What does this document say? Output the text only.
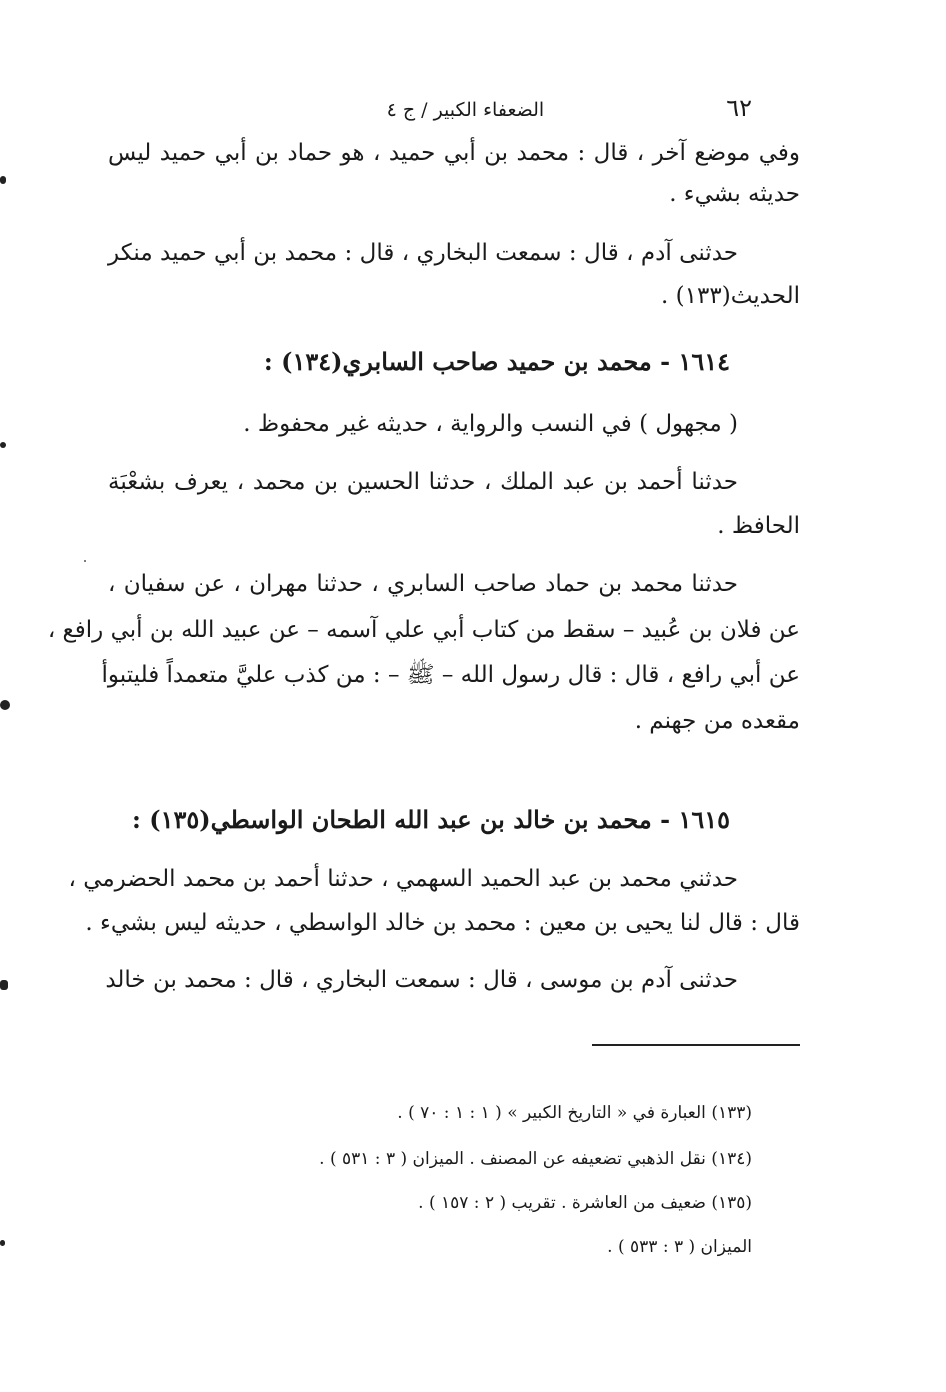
٦٢ الضعفاء الكبير / ج ٤
وفي موضع آخر ، قال : محمد بن أبي حميد ، هو حماد بن أبي حميد ليس
حديثه بشيء .
حدثنى آدم ، قال : سمعت البخاري ، قال : محمد بن أبي حميد منكر
الحديث(١٣٣) .
١٦١٤ - محمد بن حميد صاحب السابري(١٣٤) :
( مجهول ) في النسب والرواية ، حديثه غير محفوظ .
حدثنا أحمد بن عبد الملك ، حدثنا الحسين بن محمد ، يعرف بشعْبَة
الحافظ .
حدثنا محمد بن حماد صاحب السابري ، حدثنا مهران ، عن سفيان ،
عن فلان بن عُبيد – سقط من كتاب أبي علي آسمه – عن عبيد الله بن أبي رافع ،
عن أبي رافع ، قال : قال رسول الله – ﷺ – : من كذب عليَّ متعمداً فليتبوأ
مقعده من جهنم .
١٦١٥ - محمد بن خالد بن عبد الله الطحان الواسطي(١٣٥) :
حدثني محمد بن عبد الحميد السهمي ، حدثنا أحمد بن محمد الحضرمي ،
قال : قال لنا يحيى بن معين : محمد بن خالد الواسطي ، حديثه ليس بشيء .
حدثنى آدم بن موسى ، قال : سمعت البخاري ، قال : محمد بن خالد
(١٣٣) العبارة في « التاريخ الكبير » ( ١ : ١ : ٧٠ ) .
(١٣٤) نقل الذهبي تضعيفه عن المصنف . الميزان ( ٣ : ٥٣١ ) .
(١٣٥) ضعيف من العاشرة . تقريب ( ٢ : ١٥٧ ) .
الميزان ( ٣ : ٥٣٣ ) .
